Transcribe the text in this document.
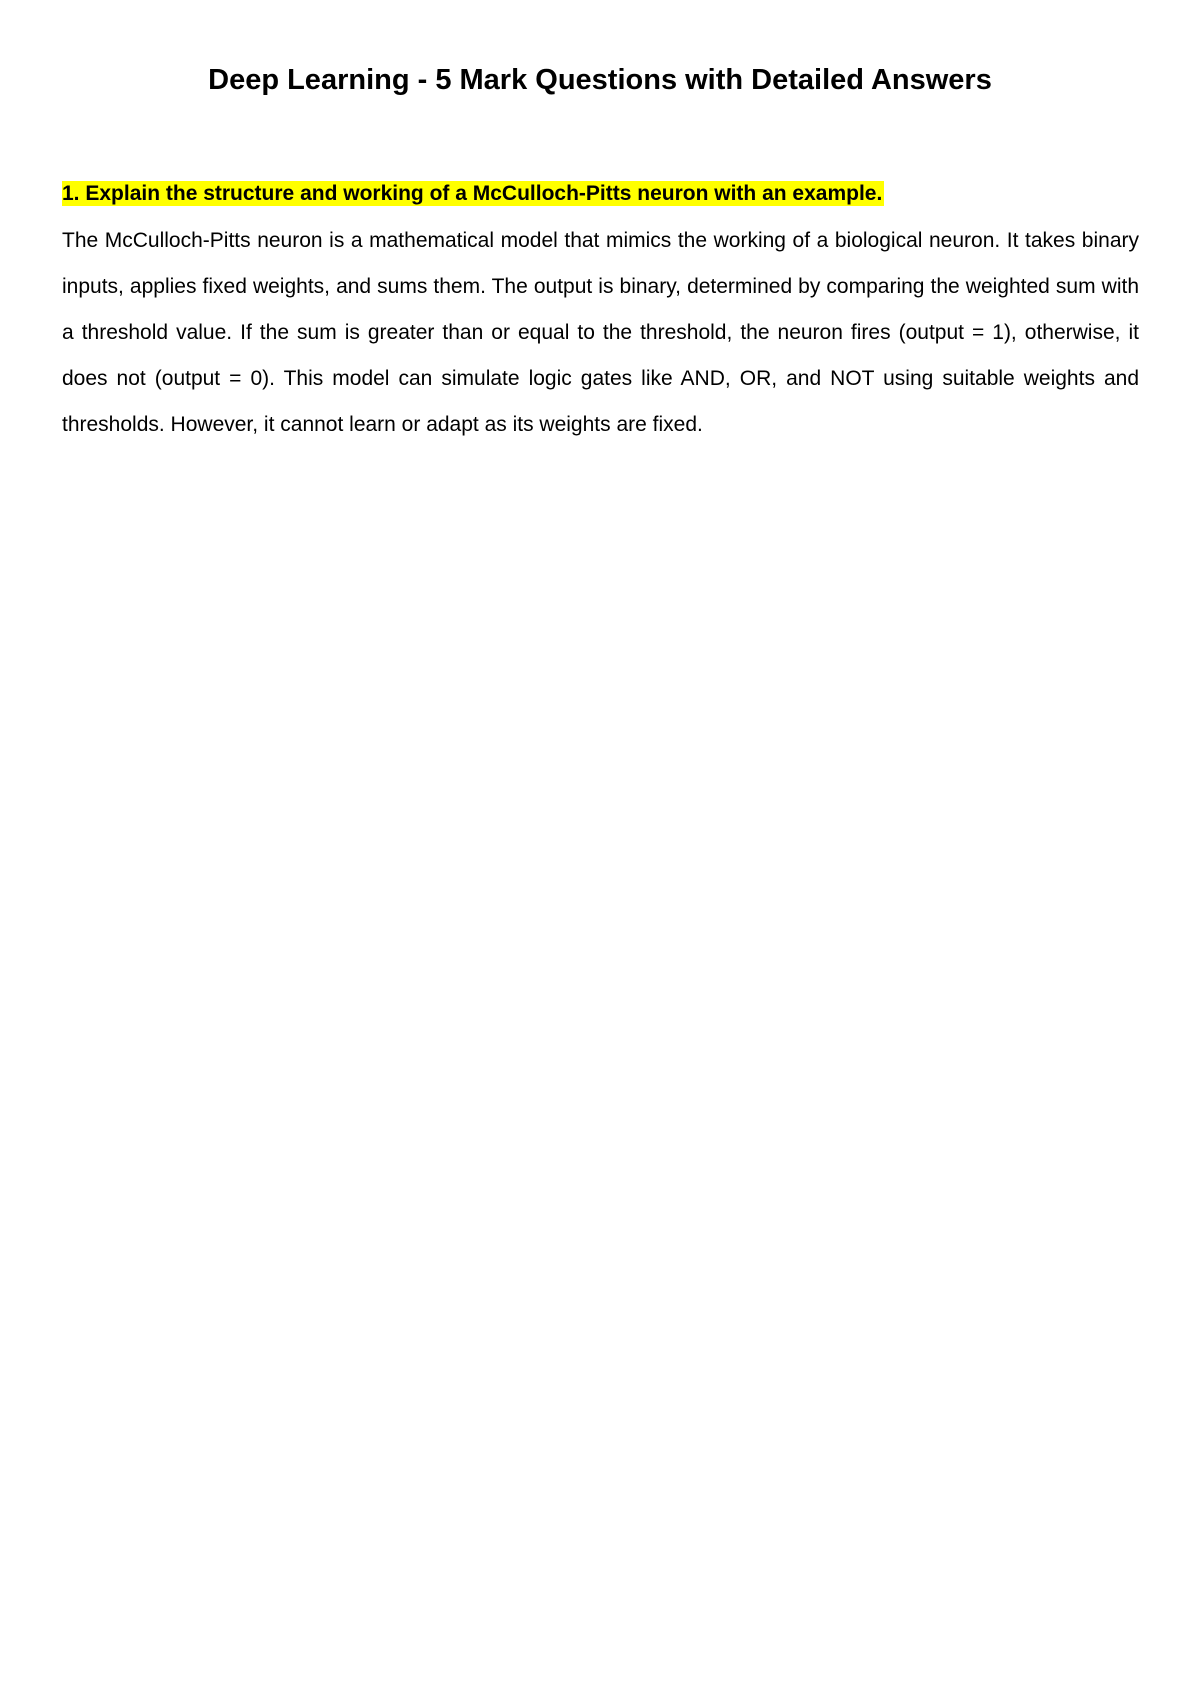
Deep Learning - 5 Mark Questions with Detailed Answers

1. Explain the structure and working of a McCulloch-Pitts neuron with an example.

The McCulloch-Pitts neuron is a mathematical model that mimics the working of a biological neuron. It takes binary inputs, applies fixed weights, and sums them. The output is binary, determined by comparing the weighted sum with a threshold value. If the sum is greater than or equal to the threshold, the neuron fires (output = 1), otherwise, it does not (output = 0). This model can simulate logic gates like AND, OR, and NOT using suitable weights and thresholds. However, it cannot learn or adapt as its weights are fixed.
